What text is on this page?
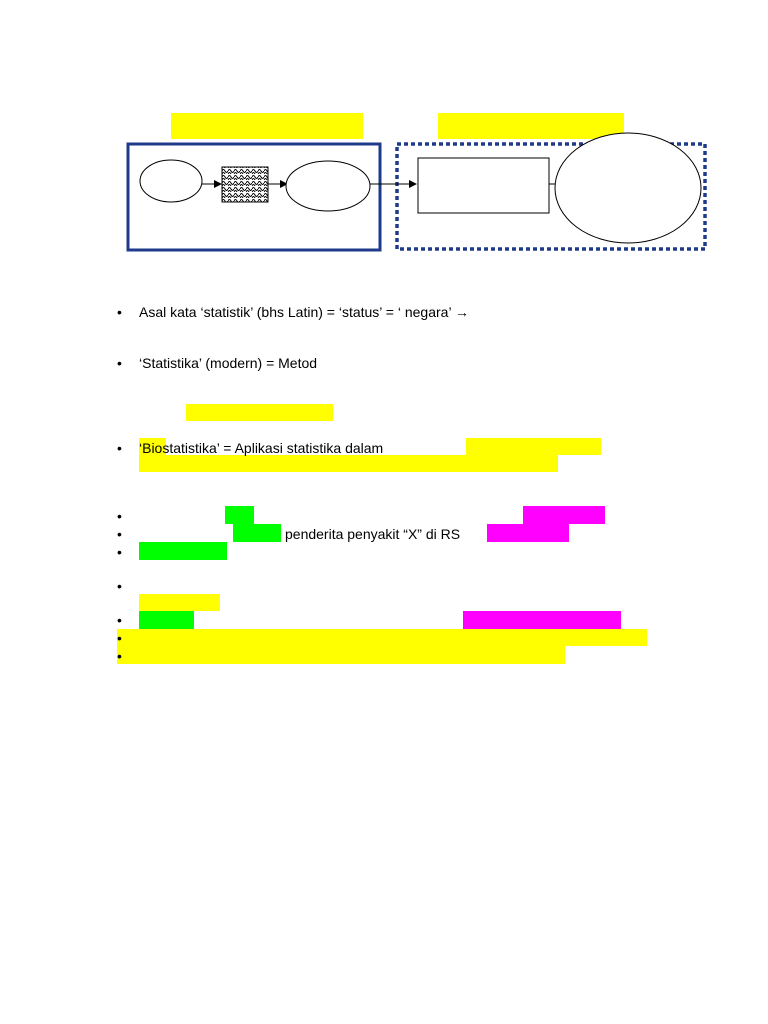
• Asal kata ‘statistik’ (bhs Latin) = ‘status’ = ‘ negara’ →
• ‘Statistika’ (modern) = Metod
• ‘Biostatistika’ = Aplikasi statistika dalam
•
•	penderita penyakit “X” di RS
•
•
•
•
•
